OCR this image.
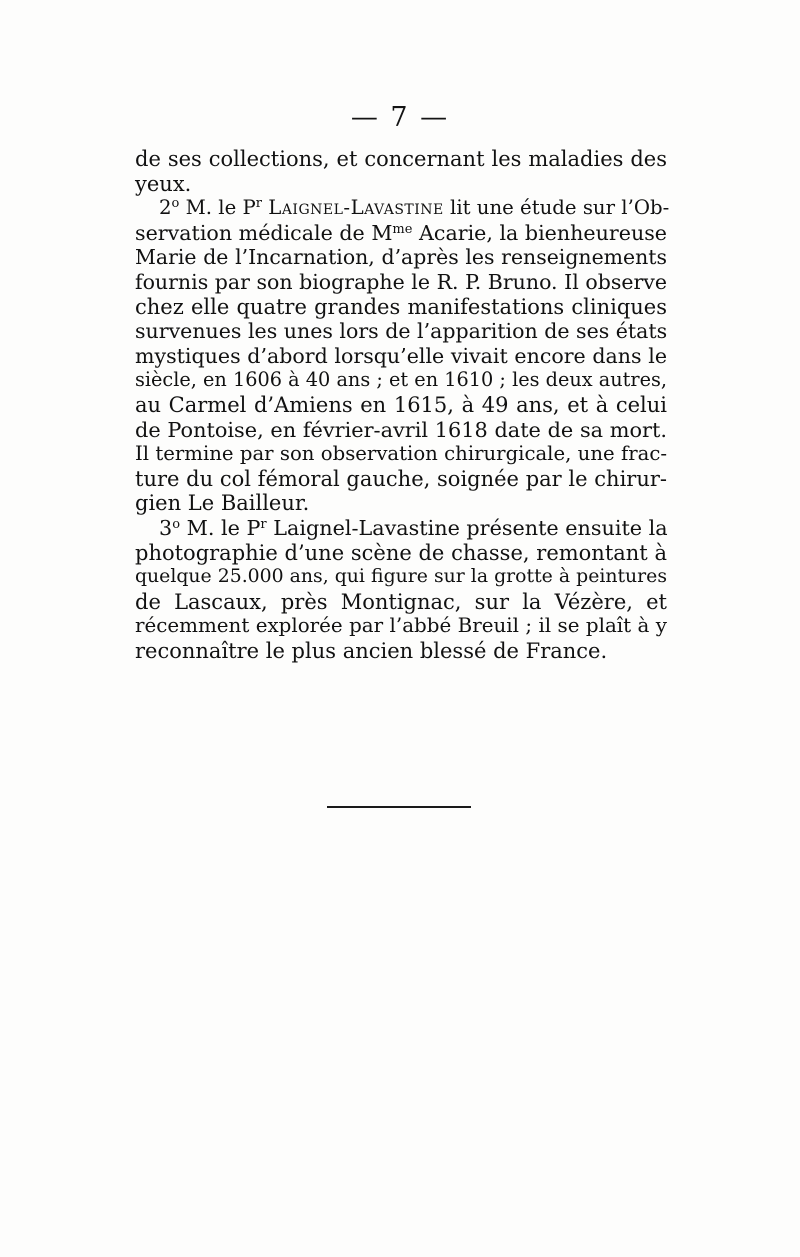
— 7 —
de ses collections, et concernant les maladies des
yeux.
2$^o$ M. le $P^r$ Laignel-Lavastine lit une étude sur l’Ob-
servation médicale de $M^{me}$ Acarie, la bienheureuse
Marie de l’Incarnation, d’après les renseignements
fournis par son biographe le R. P. Bruno. Il observe
chez elle quatre grandes manifestations cliniques
survenues les unes lors de l’apparition de ses états
mystiques d’abord lorsqu’elle vivait encore dans le
siècle, en 1606 à 40 ans ; et en 1610 ; les deux autres,
au Carmel d’Amiens en 1615, à 49 ans, et à celui
de Pontoise, en février-avril 1618 date de sa mort.
Il termine par son observation chirurgicale, une frac-
ture du col fémoral gauche, soignée par le chirur-
gien Le Bailleur.
3$^o$ M. le $P^r$ Laignel-Lavastine présente ensuite la
photographie d’une scène de chasse, remontant à
quelque 25.000 ans, qui figure sur la grotte à peintures
de Lascaux, près Montignac, sur la Vézère, et
récemment explorée par l’abbé Breuil ; il se plaît à y
reconnaître le plus ancien blessé de France.
